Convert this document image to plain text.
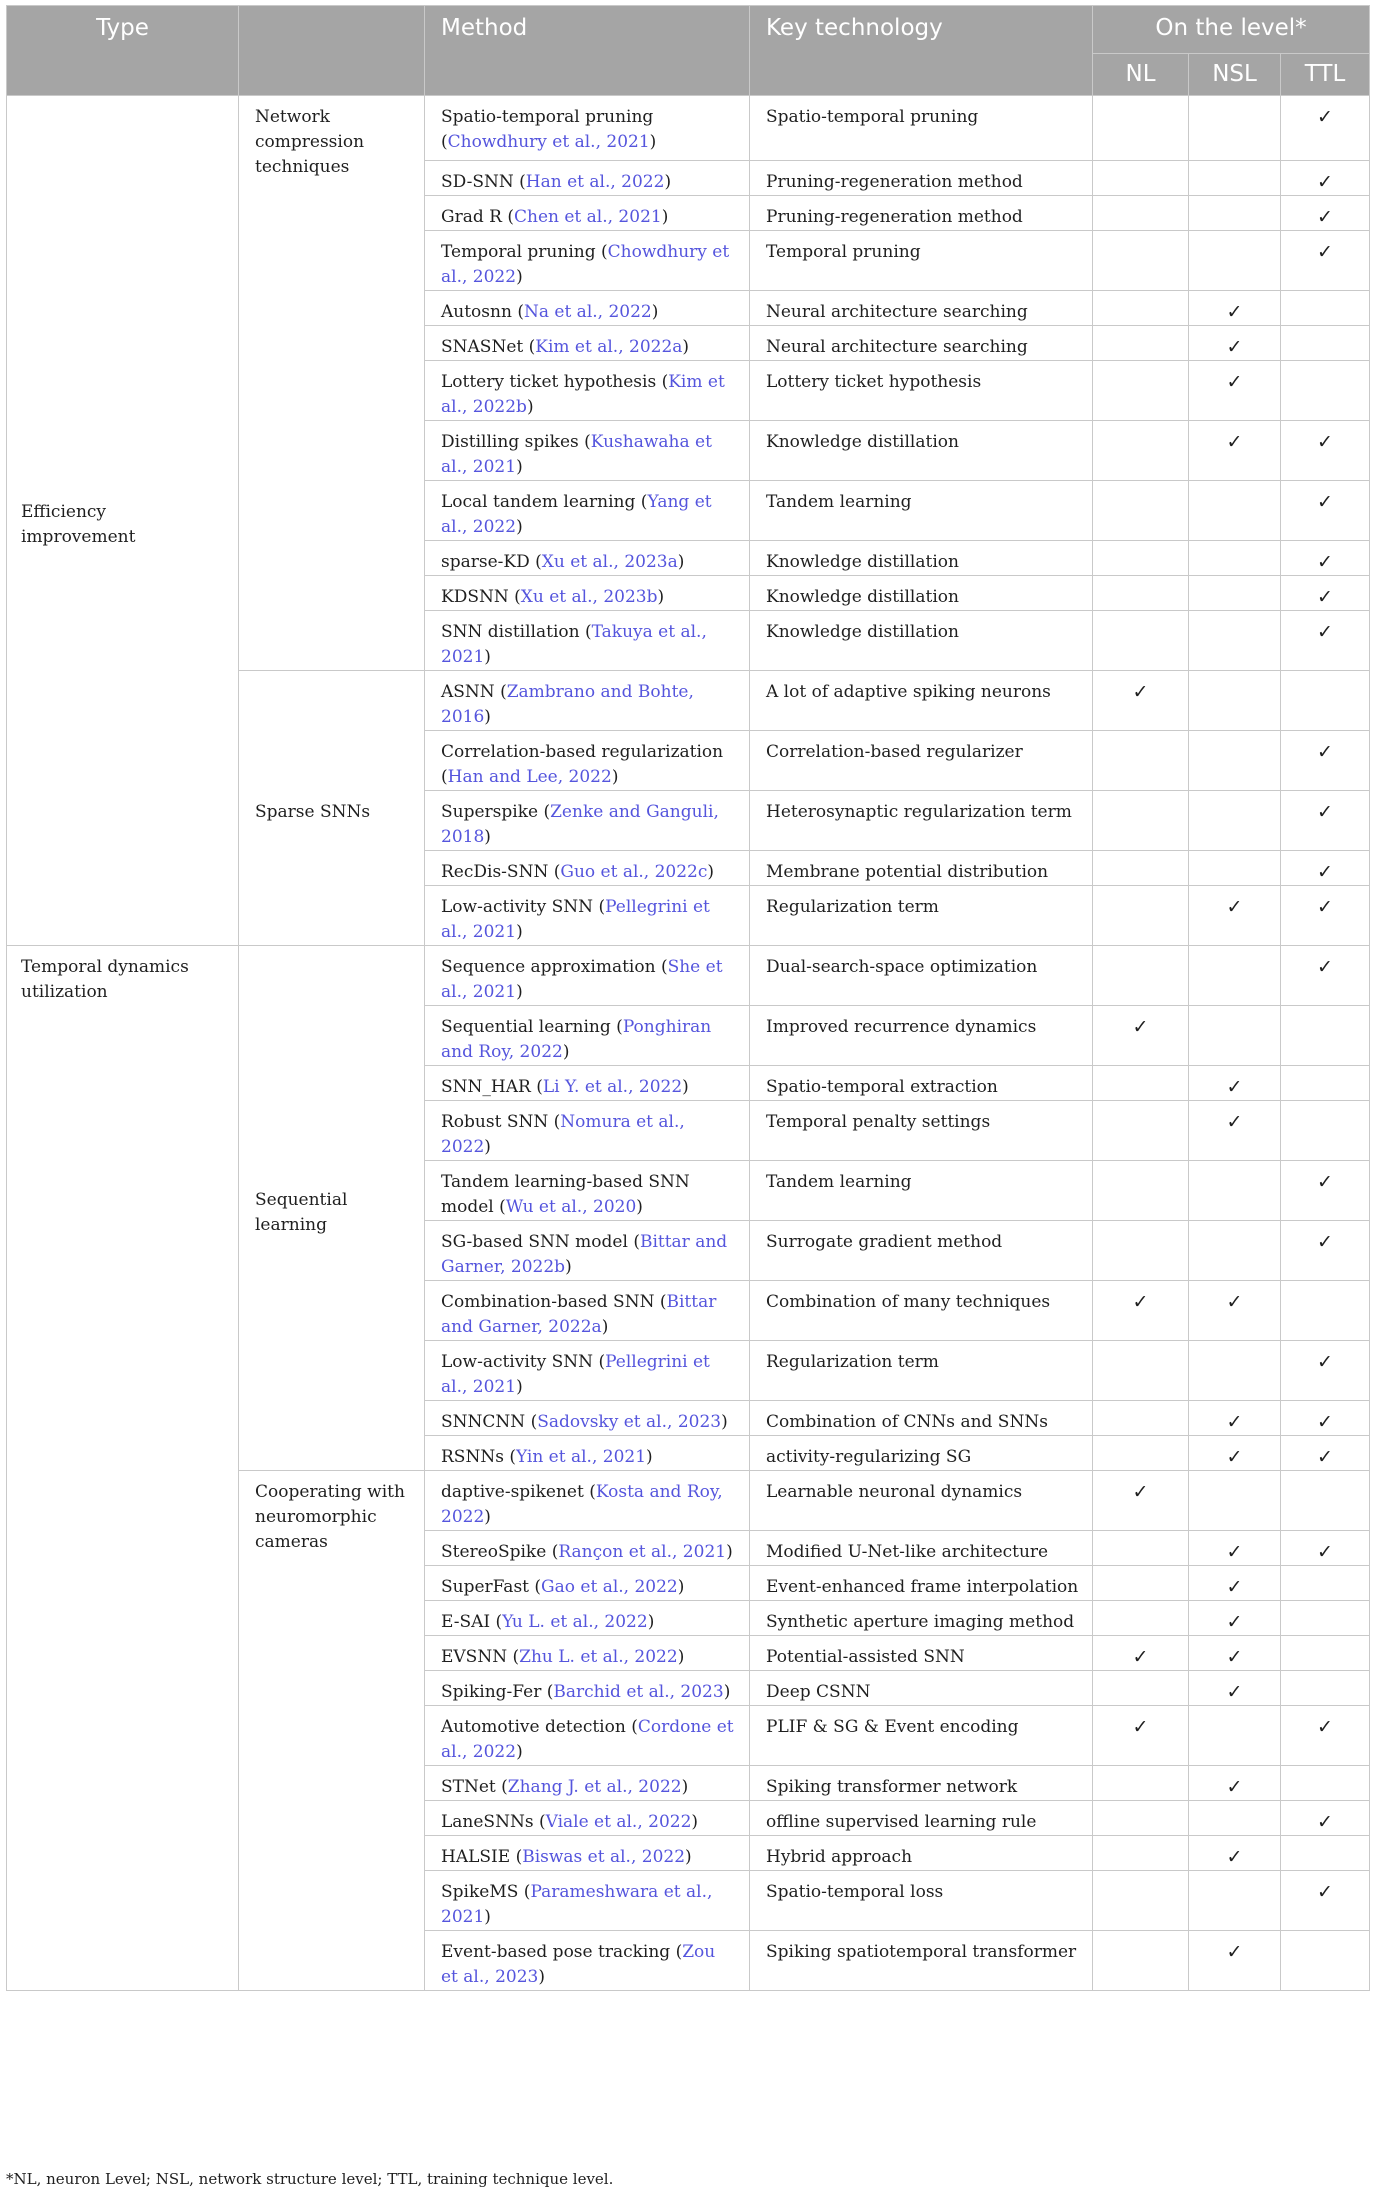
Type		Method	Key technology	On the level*		
				NL	NSL	TTL
Efficiency improvement	Network compression techniques	Spatio-temporal pruning (Chowdhury et al., 2021)	Spatio-temporal pruning			✓
		SD-SNN (Han et al., 2022)	Pruning-regeneration method			✓
		Grad R (Chen et al., 2021)	Pruning-regeneration method			✓
		Temporal pruning (Chowdhury et al., 2022)	Temporal pruning			✓
		Autosnn (Na et al., 2022)	Neural architecture searching		✓	
		SNASNet (Kim et al., 2022a)	Neural architecture searching		✓	
		Lottery ticket hypothesis (Kim et al., 2022b)	Lottery ticket hypothesis		✓	
		Distilling spikes (Kushawaha et al., 2021)	Knowledge distillation		✓	✓
		Local tandem learning (Yang et al., 2022)	Tandem learning			✓
		sparse-KD (Xu et al., 2023a)	Knowledge distillation			✓
		KDSNN (Xu et al., 2023b)	Knowledge distillation			✓
		SNN distillation (Takuya et al., 2021)	Knowledge distillation			✓
	Sparse SNNs	ASNN (Zambrano and Bohte, 2016)	A lot of adaptive spiking neurons	✓		
		Correlation-based regularization (Han and Lee, 2022)	Correlation-based regularizer			✓
		Superspike (Zenke and Ganguli, 2018)	Heterosynaptic regularization term			✓
		RecDis-SNN (Guo et al., 2022c)	Membrane potential distribution			✓
		Low-activity SNN (Pellegrini et al., 2021)	Regularization term		✓	✓
Temporal dynamics utilization	Sequential learning	Sequence approximation (She et al., 2021)	Dual-search-space optimization			✓
		Sequential learning (Ponghiran and Roy, 2022)	Improved recurrence dynamics	✓		
		SNN_HAR (Li Y. et al., 2022)	Spatio-temporal extraction		✓	
		Robust SNN (Nomura et al., 2022)	Temporal penalty settings		✓	
		Tandem learning-based SNN model (Wu et al., 2020)	Tandem learning			✓
		SG-based SNN model (Bittar and Garner, 2022b)	Surrogate gradient method			✓
		Combination-based SNN (Bittar and Garner, 2022a)	Combination of many techniques	✓	✓	
		Low-activity SNN (Pellegrini et al., 2021)	Regularization term			✓
		SNNCNN (Sadovsky et al., 2023)	Combination of CNNs and SNNs		✓	✓
		RSNNs (Yin et al., 2021)	activity-regularizing SG		✓	✓
	Cooperating with neuromorphic cameras	daptive-spikenet (Kosta and Roy, 2022)	Learnable neuronal dynamics	✓		
		StereoSpike (Rançon et al., 2021)	Modified U-Net-like architecture		✓	✓
		SuperFast (Gao et al., 2022)	Event-enhanced frame interpolation		✓	
		E-SAI (Yu L. et al., 2022)	Synthetic aperture imaging method		✓	
		EVSNN (Zhu L. et al., 2022)	Potential-assisted SNN	✓	✓	
		Spiking-Fer (Barchid et al., 2023)	Deep CSNN		✓	
		Automotive detection (Cordone et al., 2022)	PLIF & SG & Event encoding	✓		✓
		STNet (Zhang J. et al., 2022)	Spiking transformer network		✓	
		LaneSNNs (Viale et al., 2022)	offline supervised learning rule			✓
		HALSIE (Biswas et al., 2022)	Hybrid approach		✓	
		SpikeMS (Parameshwara et al., 2021)	Spatio-temporal loss			✓
		Event-based pose tracking (Zou et al., 2023)	Spiking spatiotemporal transformer		✓	

*NL, neuron Level; NSL, network structure level; TTL, training technique level.
